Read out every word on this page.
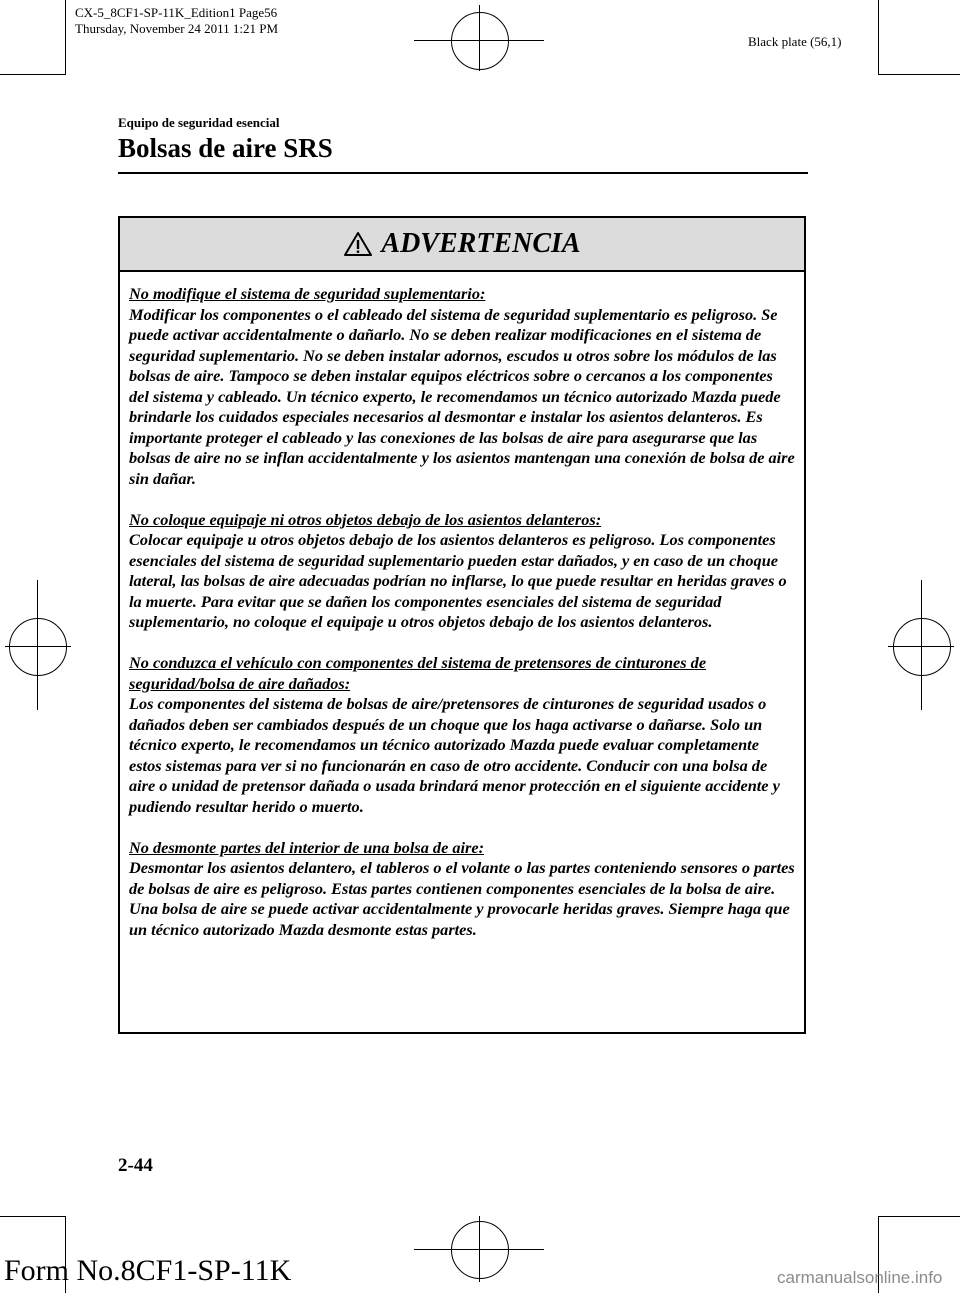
CX-5_8CF1-SP-11K_Edition1 Page56
Thursday, November 24 2011 1:21 PM
Black plate (56,1)
Equipo de seguridad esencial
Bolsas de aire SRS
ADVERTENCIA
No modifique el sistema de seguridad suplementario:
Modificar los componentes o el cableado del sistema de seguridad suplementario es peligroso. Se puede activar accidentalmente o dañarlo. No se deben realizar modificaciones en el sistema de seguridad suplementario. No se deben instalar adornos, escudos u otros sobre los módulos de las bolsas de aire. Tampoco se deben instalar equipos eléctricos sobre o cercanos a los componentes del sistema y cableado. Un técnico experto, le recomendamos un técnico autorizado Mazda puede brindarle los cuidados especiales necesarios al desmontar e instalar los asientos delanteros. Es importante proteger el cableado y las conexiones de las bolsas de aire para asegurarse que las bolsas de aire no se inflan accidentalmente y los asientos mantengan una conexión de bolsa de aire sin dañar.
No coloque equipaje ni otros objetos debajo de los asientos delanteros:
Colocar equipaje u otros objetos debajo de los asientos delanteros es peligroso. Los componentes esenciales del sistema de seguridad suplementario pueden estar dañados, y en caso de un choque lateral, las bolsas de aire adecuadas podrían no inflarse, lo que puede resultar en heridas graves o la muerte. Para evitar que se dañen los componentes esenciales del sistema de seguridad suplementario, no coloque el equipaje u otros objetos debajo de los asientos delanteros.
No conduzca el vehículo con componentes del sistema de pretensores de cinturones de seguridad/bolsa de aire dañados:
Los componentes del sistema de bolsas de aire/pretensores de cinturones de seguridad usados o dañados deben ser cambiados después de un choque que los haga activarse o dañarse. Solo un técnico experto, le recomendamos un técnico autorizado Mazda puede evaluar completamente estos sistemas para ver si no funcionarán en caso de otro accidente. Conducir con una bolsa de aire o unidad de pretensor dañada o usada brindará menor protección en el siguiente accidente y pudiendo resultar herido o muerto.
No desmonte partes del interior de una bolsa de aire:
Desmontar los asientos delantero, el tableros o el volante o las partes conteniendo sensores o partes de bolsas de aire es peligroso. Estas partes contienen componentes esenciales de la bolsa de aire. Una bolsa de aire se puede activar accidentalmente y provocarle heridas graves. Siempre haga que un técnico autorizado Mazda desmonte estas partes.
2-44
Form No.8CF1-SP-11K	carmanualsonline.info
